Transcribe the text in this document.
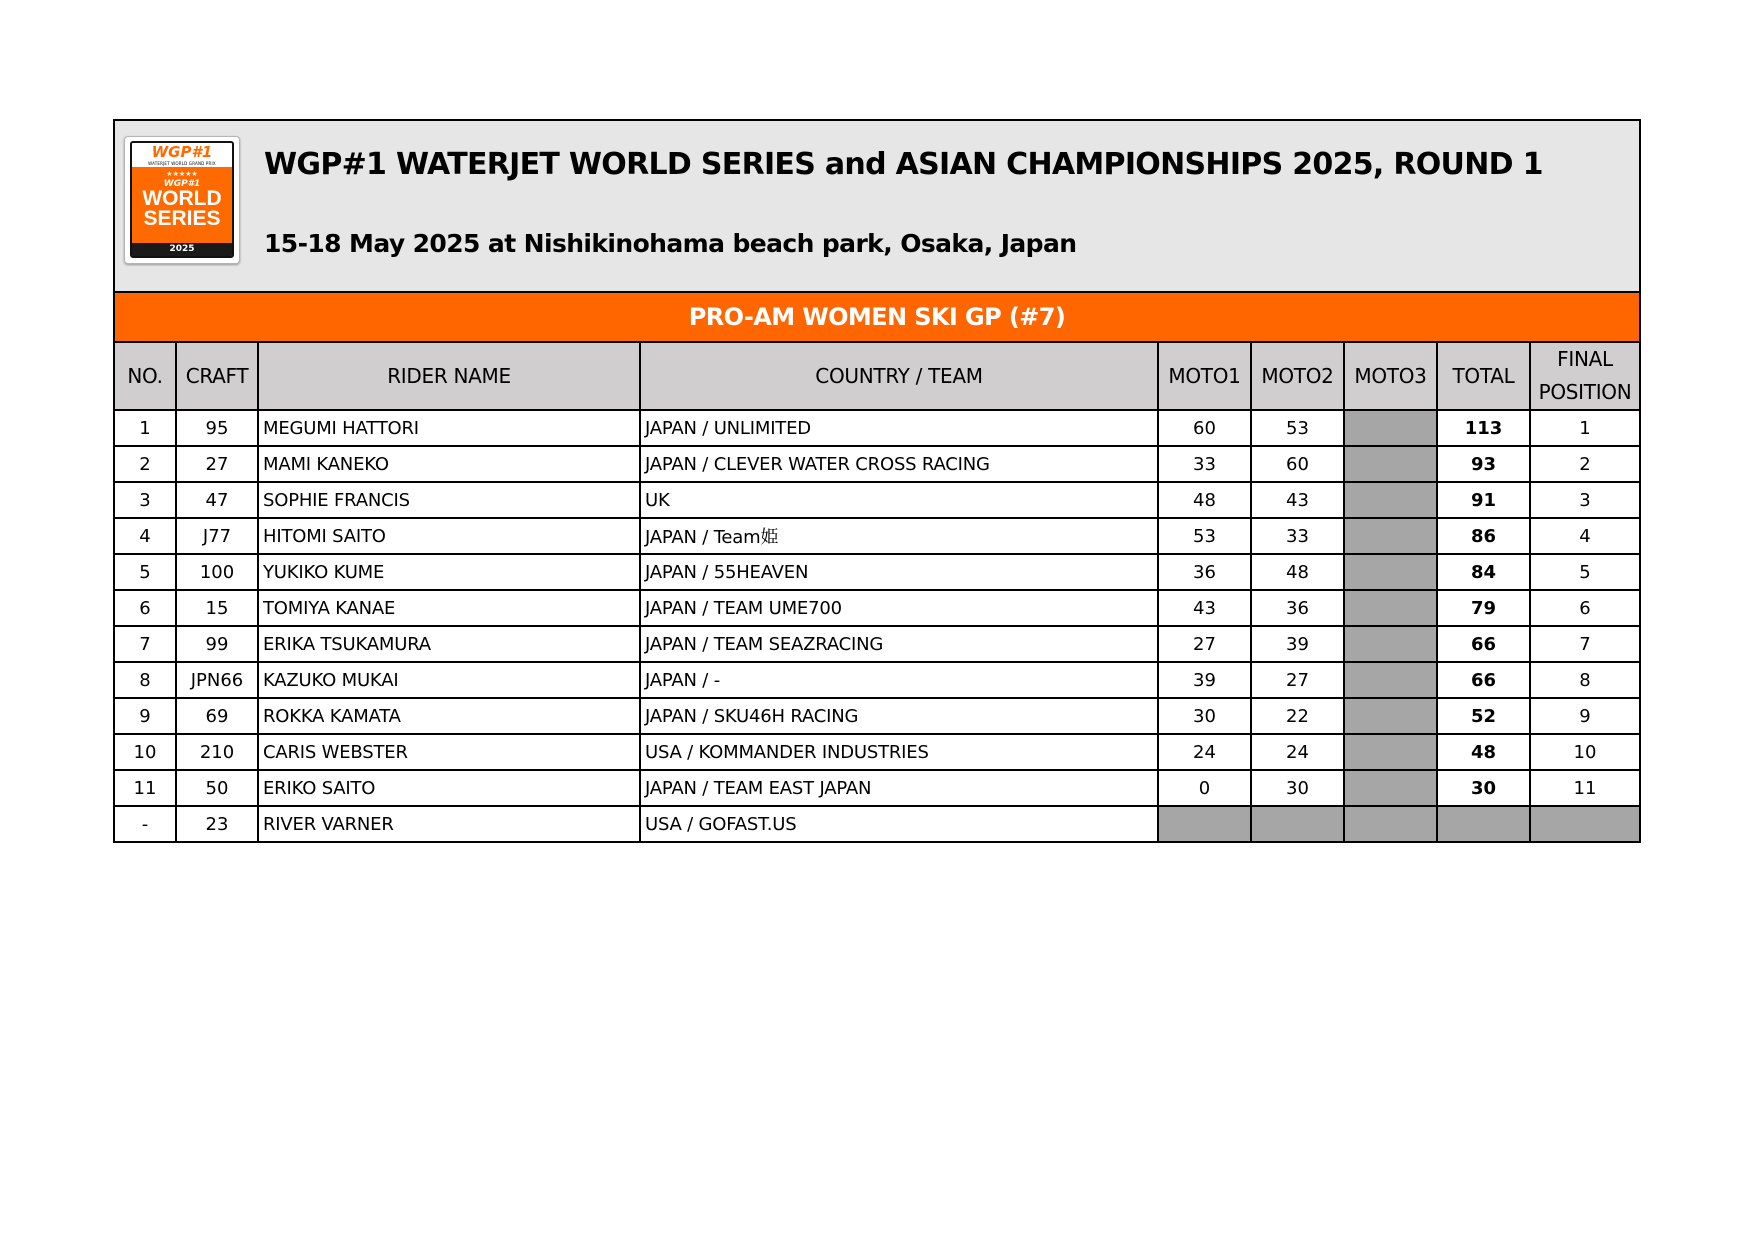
WGP#1
WATERJET WORLD GRAND PRIX
★★★★★
WGP#1
WORLD
SERIES
2025
WGP#1 WATERJET WORLD SERIES and ASIAN CHAMPIONSHIPS 2025, ROUND 1
15-18 May 2025 at Nishikinohama beach park, Osaka, Japan
PRO-AM WOMEN SKI GP (#7)
NO.	CRAFT	RIDER NAME	COUNTRY / TEAM	MOTO1	MOTO2	MOTO3	TOTAL	FINAL
POSITION
1	95	MEGUMI HATTORI	JAPAN / UNLIMITED	60	53		113	1
2	27	MAMI KANEKO	JAPAN / CLEVER WATER CROSS RACING	33	60		93	2
3	47	SOPHIE FRANCIS	UK	48	43		91	3
4	J77	HITOMI SAITO	JAPAN / Team姫	53	33		86	4
5	100	YUKIKO KUME	JAPAN / 55HEAVEN	36	48		84	5
6	15	TOMIYA KANAE	JAPAN / TEAM UME700	43	36		79	6
7	99	ERIKA TSUKAMURA	JAPAN / TEAM SEAZRACING	27	39		66	7
8	JPN66	KAZUKO MUKAI	JAPAN / -	39	27		66	8
9	69	ROKKA KAMATA	JAPAN / SKU46H RACING	30	22		52	9
10	210	CARIS WEBSTER	USA / KOMMANDER INDUSTRIES	24	24		48	10
11	50	ERIKO SAITO	JAPAN / TEAM EAST JAPAN	0	30		30	11
-	23	RIVER VARNER	USA / GOFAST.US					
